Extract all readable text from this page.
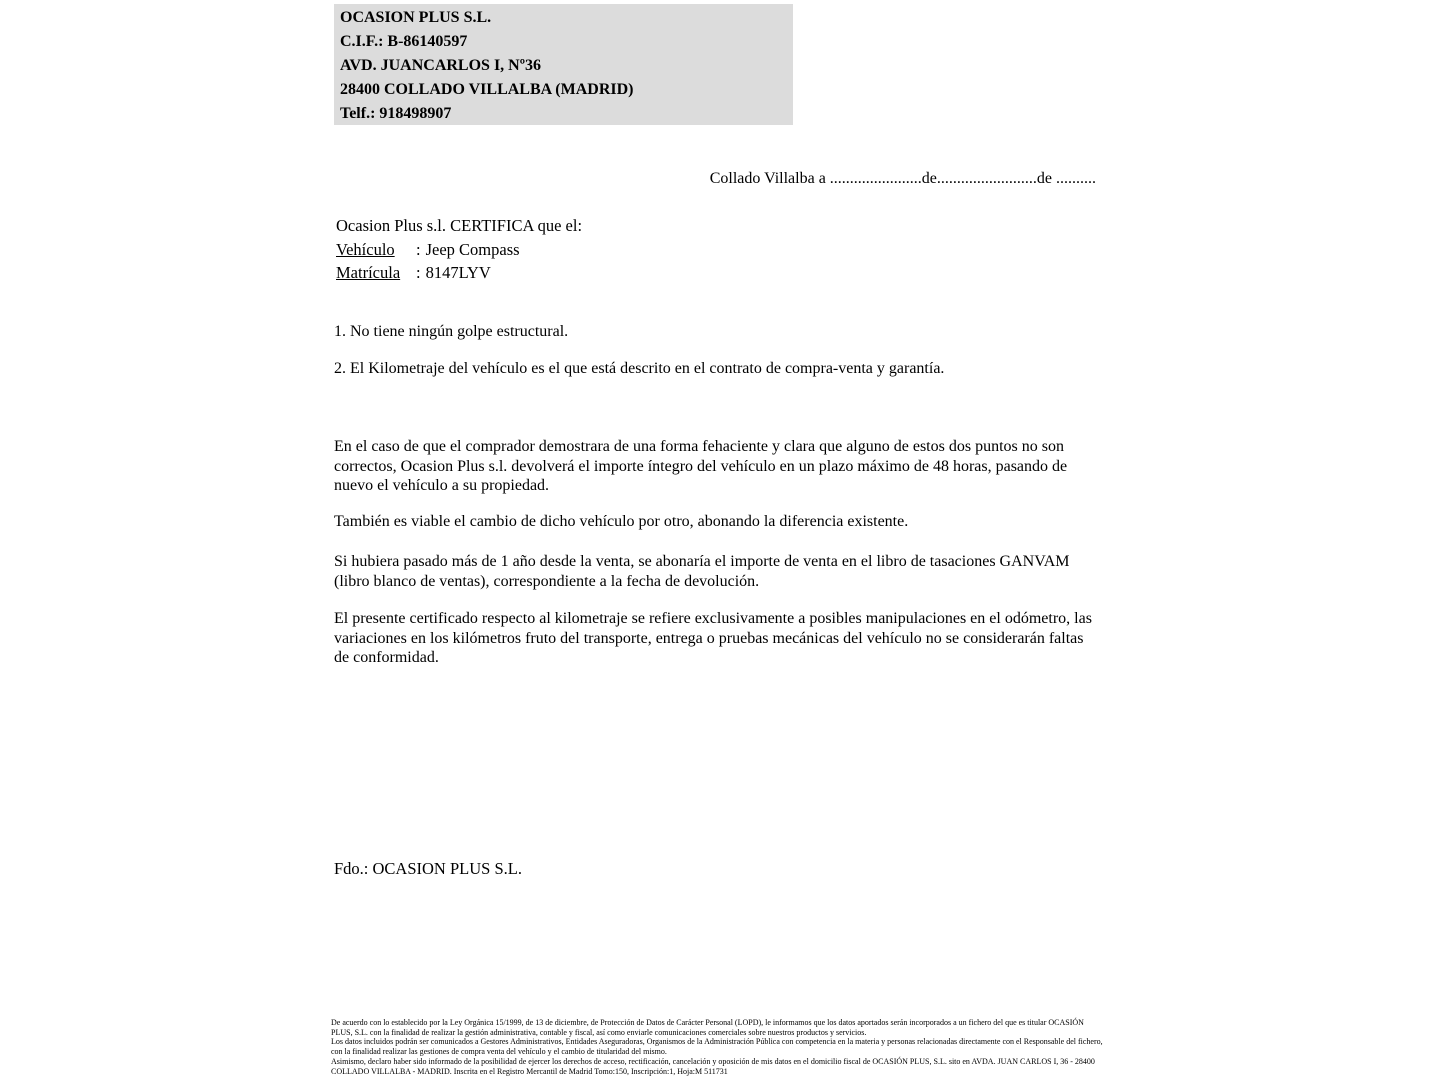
OCASION PLUS S.L.
C.I.F.: B-86140597
AVD. JUANCARLOS I, Nº36
28400 COLLADO VILLALBA (MADRID)
Telf.: 918498907
Collado Villalba a .......................de.........................de ..........
Ocasion Plus s.l. CERTIFICA que el:
Vehículo : Jeep Compass
Matrícula : 8147LYV
1. No tiene ningún golpe estructural.
2. El Kilometraje del vehículo es el que está descrito en el contrato de compra-venta y garantía.
En el caso de que el comprador demostrara de una forma fehaciente y clara que alguno de estos dos puntos no son correctos, Ocasion Plus s.l. devolverá el importe íntegro del vehículo en un plazo máximo de 48 horas, pasando de nuevo el vehículo a su propiedad.
También es viable el cambio de dicho vehículo por otro, abonando la diferencia existente.
Si hubiera pasado más de 1 año desde la venta, se abonaría el importe de venta en el libro de tasaciones GANVAM (libro blanco de ventas), correspondiente a la fecha de devolución.
El presente certificado respecto al kilometraje se refiere exclusivamente a posibles manipulaciones en el odómetro, las variaciones en los kilómetros fruto del transporte, entrega o pruebas mecánicas del vehículo no se considerarán faltas de conformidad.
Fdo.: OCASION PLUS S.L.
De acuerdo con lo establecido por la Ley Orgánica 15/1999, de 13 de diciembre, de Protección de Datos de Carácter Personal (LOPD), le informamos que los datos aportados serán incorporados a un fichero del que es titular OCASIÓN PLUS, S.L. con la finalidad de realizar la gestión administrativa, contable y fiscal, así como enviarle comunicaciones comerciales sobre nuestros productos y servicios.
Los datos incluidos podrán ser comunicados a Gestores Administrativos, Entidades Aseguradoras, Organismos de la Administración Pública con competencia en la materia y personas relacionadas directamente con el Responsable del fichero, con la finalidad realizar las gestiones de compra venta del vehículo y el cambio de titularidad del mismo.
Asimismo, declaro haber sido informado de la posibilidad de ejercer los derechos de acceso, rectificación, cancelación y oposición de mis datos en el domicilio fiscal de OCASIÓN PLUS, S.L. sito en AVDA. JUAN CARLOS I, 36 - 28400 COLLADO VILLALBA - MADRID. Inscrita en el Registro Mercantil de Madrid Tomo:150, Inscripción:1, Hoja:M 511731
